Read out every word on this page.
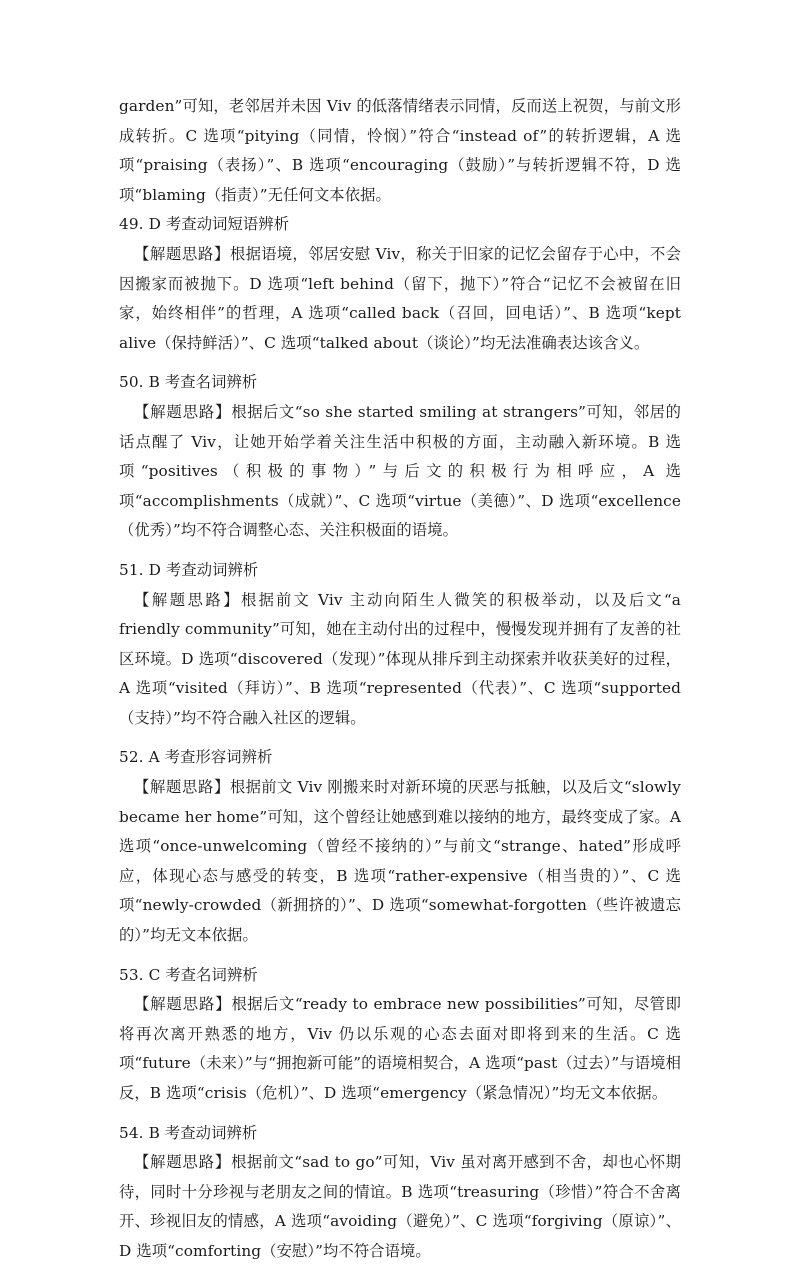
garden”可知，老邻居并未因 Viv 的低落情绪表示同情，反而送上祝贺，与前文形成转折。C 选项“pitying（同情，怜悯）”符合“instead of”的转折逻辑，A 选项“praising（表扬）”、B 选项“encouraging（鼓励）”与转折逻辑不符，D 选项“blaming（指责）”无任何文本依据。

49. D 考查动词短语辨析

【解题思路】根据语境，邻居安慰 Viv，称关于旧家的记忆会留存于心中，不会因搬家而被抛下。D 选项“left behind（留下，抛下）”符合“记忆不会被留在旧家，始终相伴”的哲理，A 选项“called back（召回，回电话）”、B 选项“kept alive（保持鲜活）”、C 选项“talked about（谈论）”均无法准确表达该含义。

50. B 考查名词辨析

【解题思路】根据后文“so she started smiling at strangers”可知，邻居的话点醒了 Viv，让她开始学着关注生活中积极的方面，主动融入新环境。B 选项“positives（积极的事物）”与后文的积极行为相呼应，A 选项“accomplishments（成就）”、C 选项“virtue（美德）”、D 选项“excellence（优秀）”均不符合调整心态、关注积极面的语境。

51. D 考查动词辨析

【解题思路】根据前文 Viv 主动向陌生人微笑的积极举动，以及后文“a friendly community”可知，她在主动付出的过程中，慢慢发现并拥有了友善的社区环境。D 选项“discovered（发现）”体现从排斥到主动探索并收获美好的过程，A 选项“visited（拜访）”、B 选项“represented（代表）”、C 选项“supported（支持）”均不符合融入社区的逻辑。

52. A 考查形容词辨析

【解题思路】根据前文 Viv 刚搬来时对新环境的厌恶与抵触，以及后文“slowly became her home”可知，这个曾经让她感到难以接纳的地方，最终变成了家。A 选项“once-unwelcoming（曾经不接纳的）”与前文“strange、hated”形成呼应，体现心态与感受的转变，B 选项“rather-expensive（相当贵的）”、C 选项“newly-crowded（新拥挤的）”、D 选项“somewhat-forgotten（些许被遗忘的）”均无文本依据。

53. C 考查名词辨析

【解题思路】根据后文“ready to embrace new possibilities”可知，尽管即将再次离开熟悉的地方，Viv 仍以乐观的心态去面对即将到来的生活。C 选项“future（未来）”与“拥抱新可能”的语境相契合，A 选项“past（过去）”与语境相反，B 选项“crisis（危机）”、D 选项“emergency（紧急情况）”均无文本依据。

54. B 考查动词辨析

【解题思路】根据前文“sad to go”可知，Viv 虽对离开感到不舍，却也心怀期待，同时十分珍视与老朋友之间的情谊。B 选项“treasuring（珍惜）”符合不舍离开、珍视旧友的情感，A 选项“avoiding（避免）”、C 选项“forgiving（原谅）”、D 选项“comforting（安慰）”均不符合语境。
